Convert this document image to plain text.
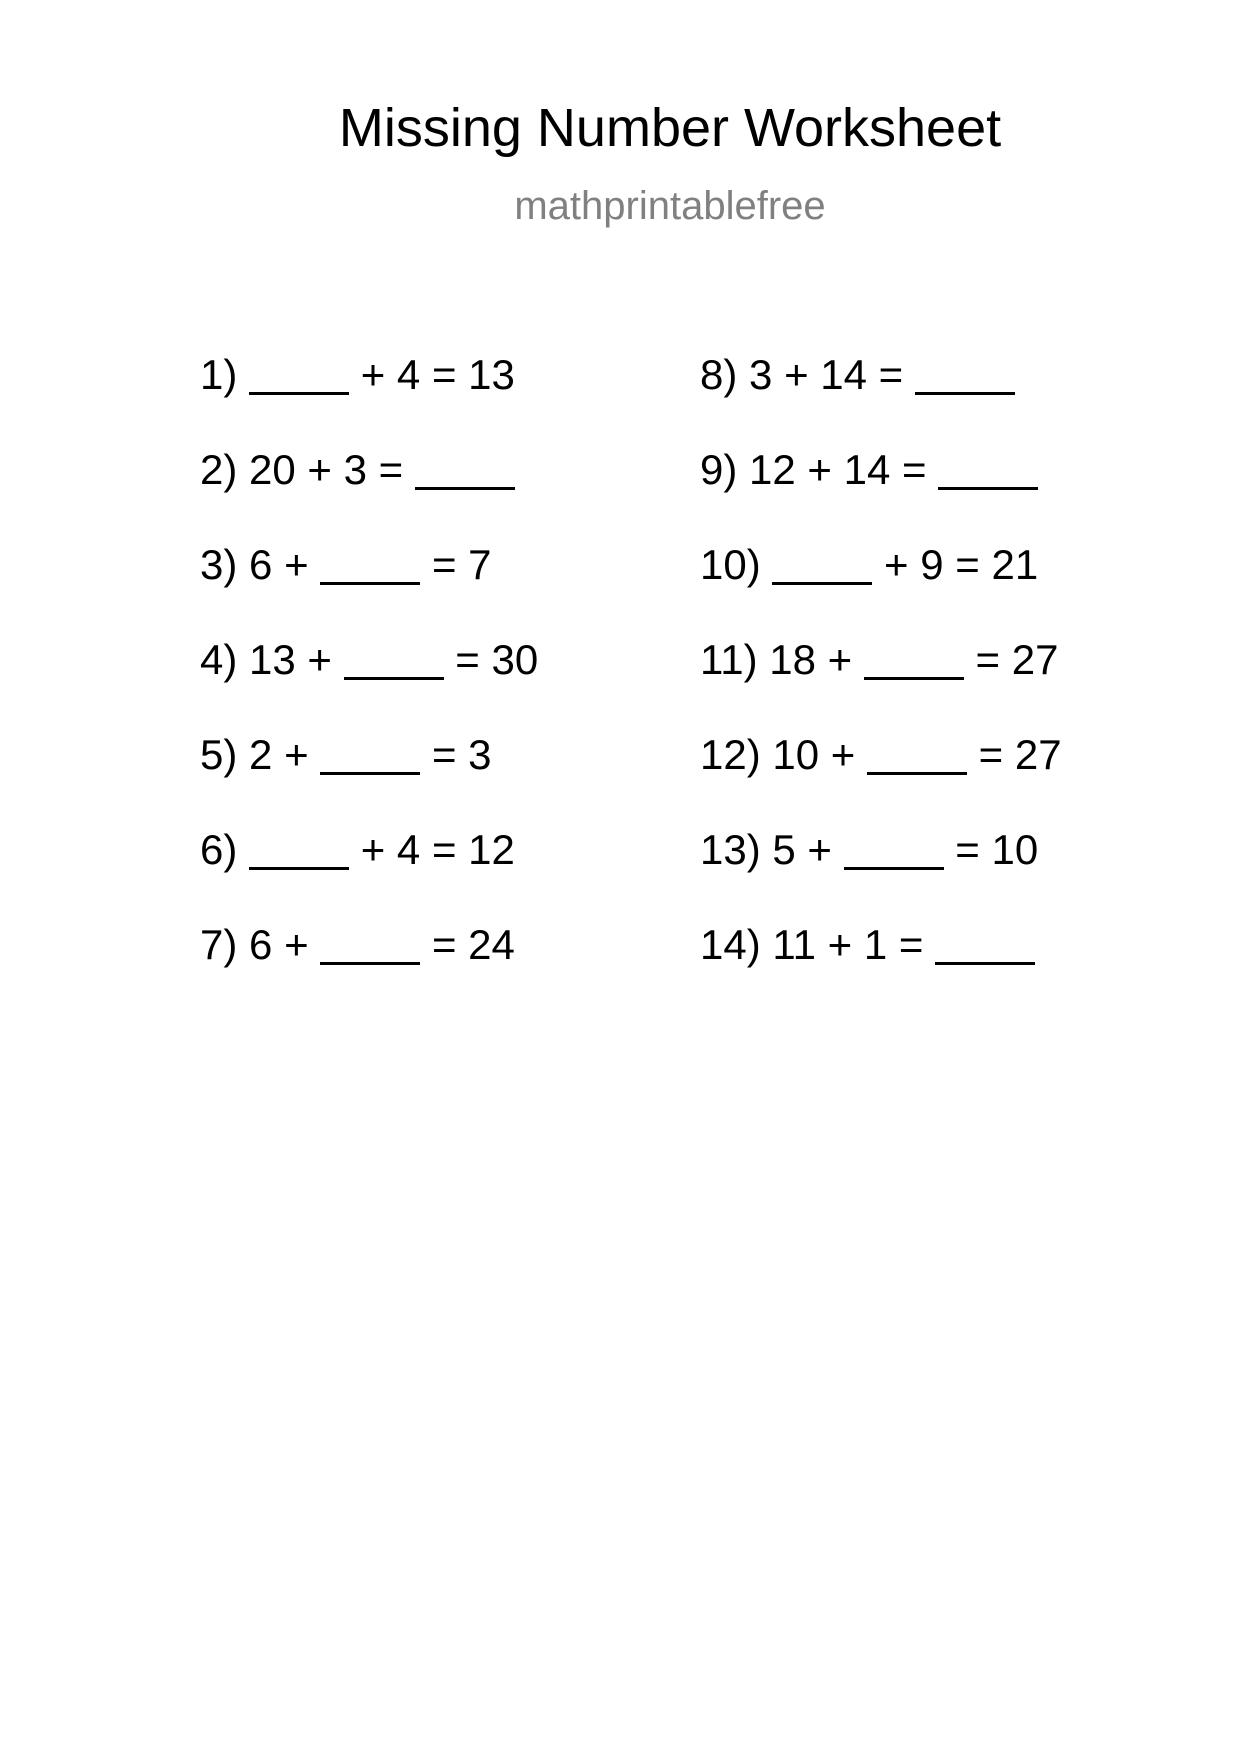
Missing Number Worksheet
mathprintablefree
1)	+ 4 = 13
2) 20 + 3 =
3) 6 +	= 7
4) 13 +	= 30
5) 2 +	= 3
6)	+ 4 = 12
7) 6 +	= 24
8) 3 + 14 =
9) 12 + 14 =
10)	+ 9 = 21
11) 18 +	= 27
12) 10 +	= 27
13) 5 +	= 10
14) 11 + 1 =
